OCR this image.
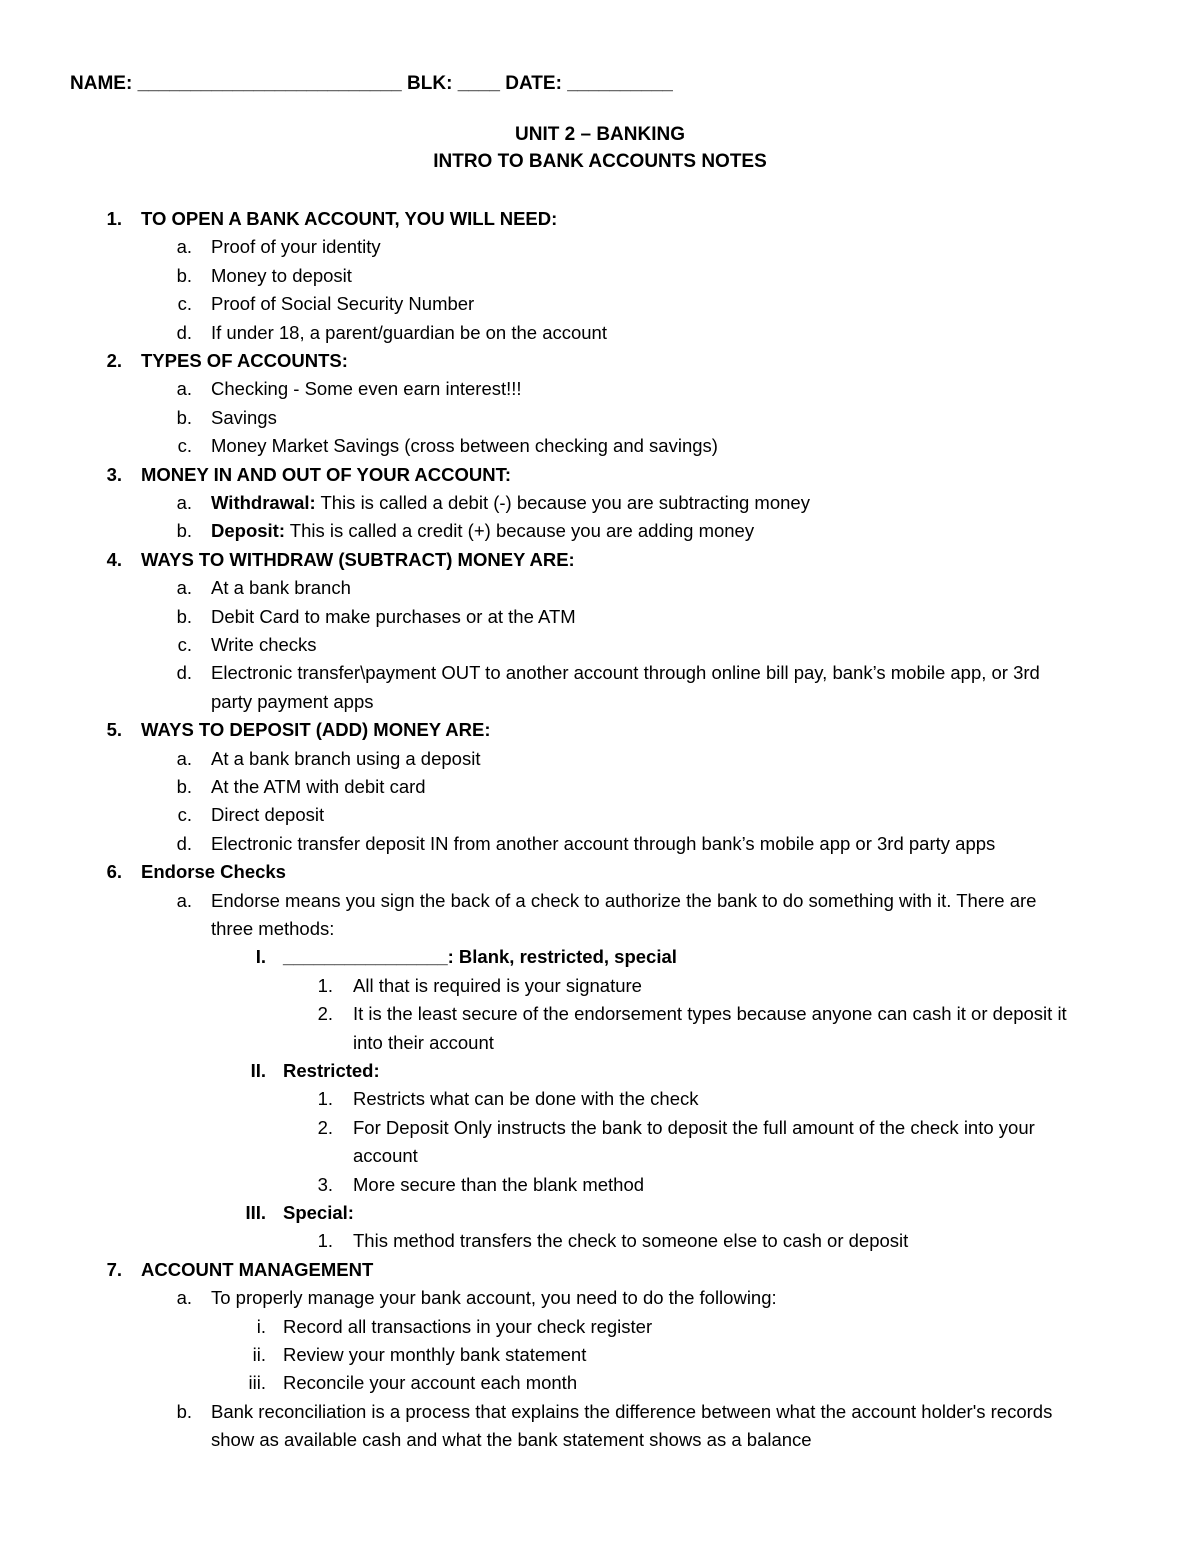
NAME: _________________________ BLK: ____ DATE: __________
UNIT 2 – BANKING
INTRO TO BANK ACCOUNTS NOTES
1. TO OPEN A BANK ACCOUNT, YOU WILL NEED:
a. Proof of your identity
b. Money to deposit
c. Proof of Social Security Number
d. If under 18, a parent/guardian be on the account
2. TYPES OF ACCOUNTS:
a. Checking - Some even earn interest!!!
b. Savings
c. Money Market Savings (cross between checking and savings)
3. MONEY IN AND OUT OF YOUR ACCOUNT:
a. Withdrawal: This is called a debit (-) because you are subtracting money
b. Deposit: This is called a credit (+) because you are adding money
4. WAYS TO WITHDRAW (SUBTRACT) MONEY ARE:
a. At a bank branch
b. Debit Card to make purchases or at the ATM
c. Write checks
d. Electronic transfer\payment OUT to another account through online bill pay, bank’s mobile app, or 3rd
party payment apps
5. WAYS TO DEPOSIT (ADD) MONEY ARE:
a. At a bank branch using a deposit
b. At the ATM with debit card
c. Direct deposit
d. Electronic transfer deposit IN from another account through bank’s mobile app or 3rd party apps
6. Endorse Checks
a. Endorse means you sign the back of a check to authorize the bank to do something with it. There are
three methods:
I. ________________: Blank, restricted, special
1. All that is required is your signature
2. It is the least secure of the endorsement types because anyone can cash it or deposit it
into their account
II. Restricted:
1. Restricts what can be done with the check
2. For Deposit Only instructs the bank to deposit the full amount of the check into your
account
3. More secure than the blank method
III. Special:
1. This method transfers the check to someone else to cash or deposit
7. ACCOUNT MANAGEMENT
a. To properly manage your bank account, you need to do the following:
i. Record all transactions in your check register
ii. Review your monthly bank statement
iii. Reconcile your account each month
b. Bank reconciliation is a process that explains the difference between what the account holder's records
show as available cash and what the bank statement shows as a balance
